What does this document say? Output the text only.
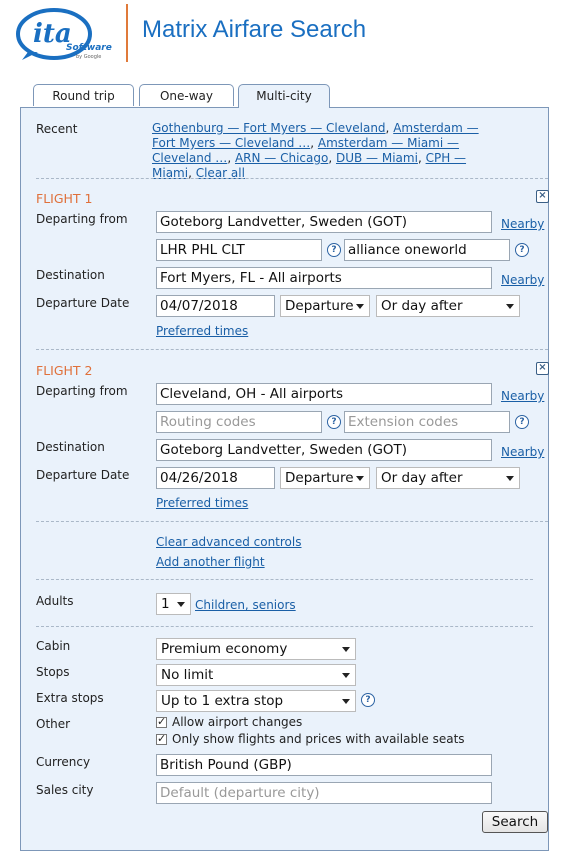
ita
Software
by Google
Matrix Airfare Search
Round trip	One-way	Multi-city
Recent	Gothenburg — Fort Myers — Cleveland, Amsterdam — Fort Myers — Cleveland …, Amsterdam — Miami — Cleveland …, ARN — Chicago, DUB — Miami, CPH — Miami, Clear all
FLIGHT 1	×
Departing from Goteborg Landvetter, Sweden (GOT)	Nearby
LHR PHL CLT	? alliance oneworld	?
Destination	Fort Myers, FL - All airports	Nearby
Departure Date 04/07/2018	Departure	Or day after
Preferred times
FLIGHT 2	×
Departing from Cleveland, OH - All airports	Nearby
Routing codes	? Extension codes	?
Destination	Goteborg Landvetter, Sweden (GOT)	Nearby
Departure Date 04/26/2018	Departure	Or day after
Preferred times
Clear advanced controls
Add another flight
Adults	1	Children, seniors
Cabin	Premium economy
Stops	No limit
Extra stops	Up to 1 extra stop	?
Other
✓	Allow airport changes
✓
Only show flights and prices with available seats
Currency	British Pound (GBP)
Sales city	Default (departure city)
Search
